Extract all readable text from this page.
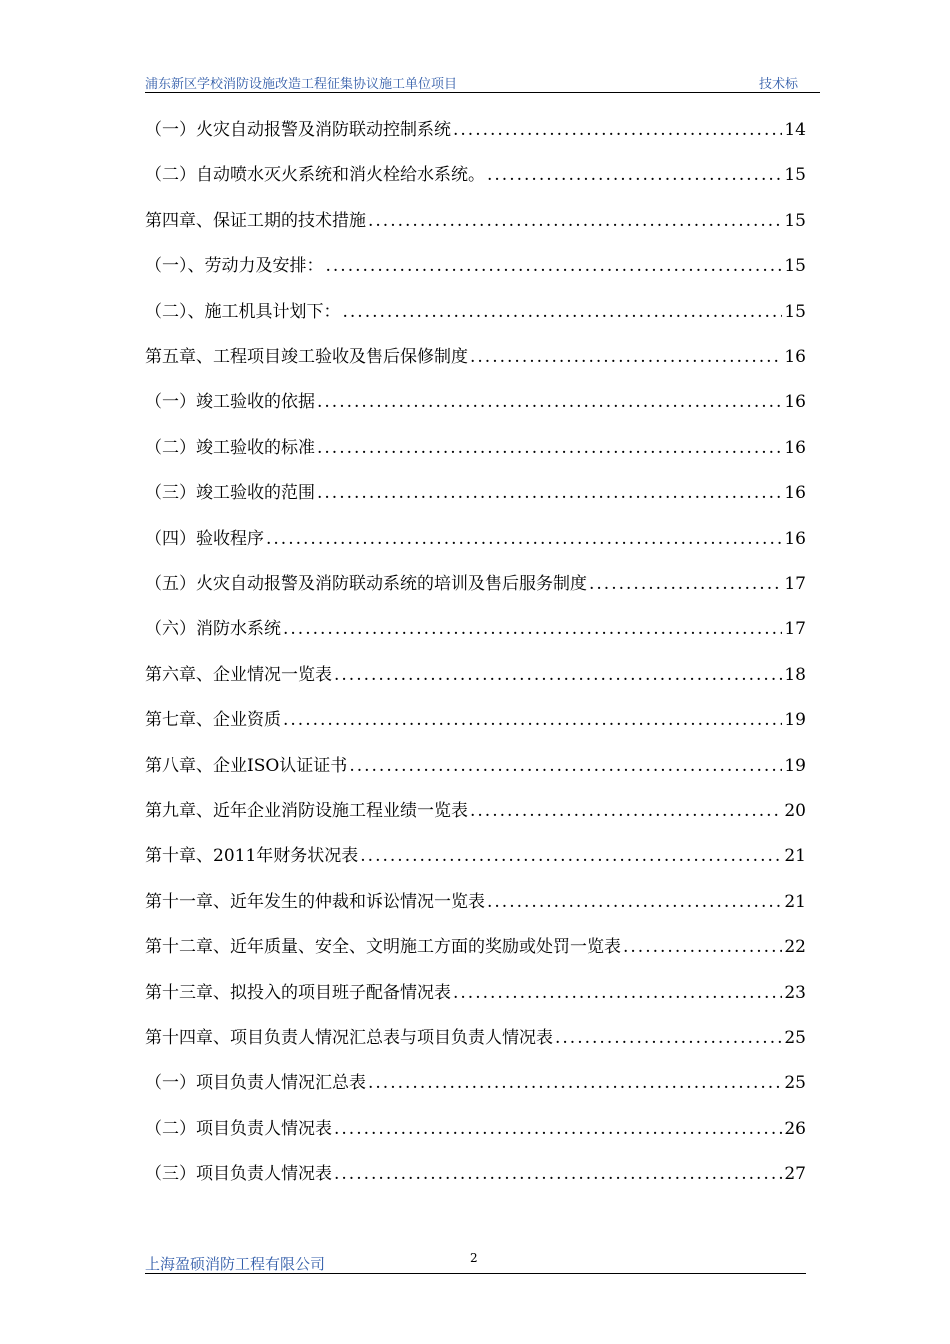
浦东新区学校消防设施改造工程征集协议施工单位项目	技术标
（一）火灾自动报警及消防联动控制系统 .....	14
（二）自动喷水灭火系统和消火栓给水系统。 .....	15
第四章、保证工期的技术措施 .....	15
（一）、劳动力及安排： .....	15
（二）、施工机具计划下： .....	15
第五章、工程项目竣工验收及售后保修制度 .....	16
（一）竣工验收的依据 .....	16
（二）竣工验收的标准 .....	16
（三）竣工验收的范围 .....	16
（四）验收程序 .....	16
（五）火灾自动报警及消防联动系统的培训及售后服务制度 .....	17
（六）消防水系统 .....	17
第六章、企业情况一览表 .....	18
第七章、企业资质 .....	19
第八章、企业ISO认证证书 .....	19
第九章、近年企业消防设施工程业绩一览表 .....	20
第十章、2011年财务状况表 .....	21
第十一章、近年发生的仲裁和诉讼情况一览表 .....	21
第十二章、近年质量、安全、文明施工方面的奖励或处罚一览表 .....	22
第十三章、拟投入的项目班子配备情况表 .....	23
第十四章、项目负责人情况汇总表与项目负责人情况表 .....	25
（一）项目负责人情况汇总表 .....	25
（二）项目负责人情况表 .....	26
（三）项目负责人情况表 .....	27
上海盈硕消防工程有限公司	2
